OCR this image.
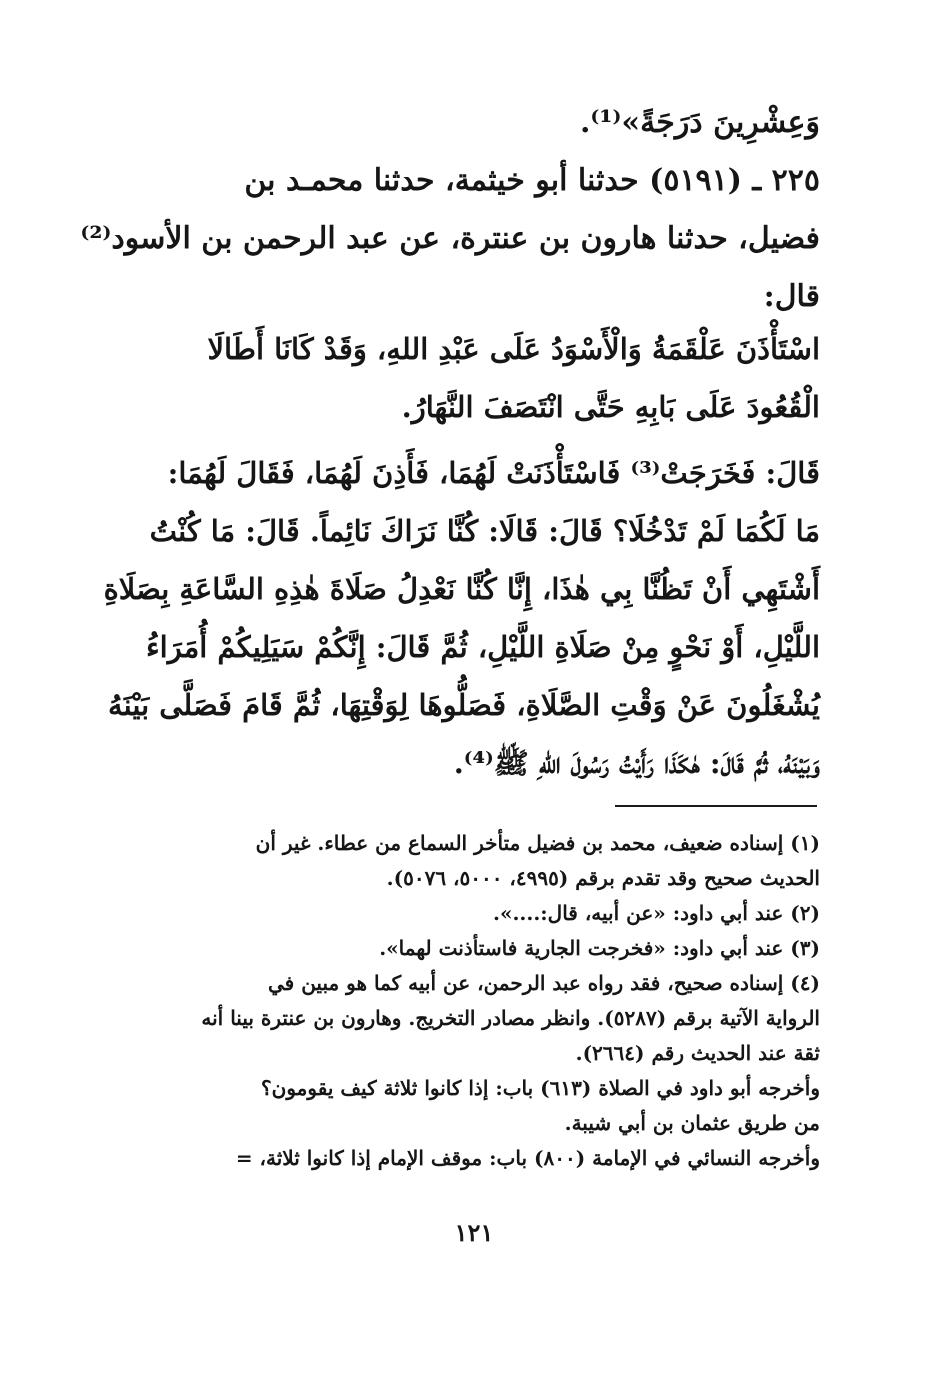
وَعِشْرِينَ دَرَجَةً»⁽¹⁾.
٢٢٥ ـ (٥١٩١) حدثنا أبو خيثمة، حدثنا محمـد بن
فضيل، حدثنا هارون بن عنترة، عن عبد الرحمن بن الأسود⁽²⁾
قال:
اسْتَأْذَنَ عَلْقَمَةُ وَالْأَسْوَدُ عَلَى عَبْدِ اللهِ، وَقَدْ كَانَا أَطَالَا
الْقُعُودَ عَلَى بَابِهِ حَتَّى انْتَصَفَ النَّهَارُ.
قَالَ: فَخَرَجَتْ⁽³⁾ فَاسْتَأْذَنَتْ لَهُمَا، فَأَذِنَ لَهُمَا، فَقَالَ لَهُمَا:
مَا لَكُمَا لَمْ تَدْخُلَا؟ قَالَ: قَالَا: كُنَّا نَرَاكَ نَائِماً. قَالَ: مَا كُنْتُ
أَشْتَهِي أَنْ تَظُنَّا بِي هٰذَا، إِنَّا كُنَّا نَعْدِلُ صَلَاةَ هٰذِهِ السَّاعَةِ بِصَلَاةِ
اللَّيْلِ، أَوْ نَحْوٍ مِنْ صَلَاةِ اللَّيْلِ، ثُمَّ قَالَ: إِنَّكُمْ سَيَلِيكُمْ أُمَرَاءُ
يُشْغَلُونَ عَنْ وَقْتِ الصَّلَاةِ، فَصَلُّوهَا لِوَقْتِهَا، ثُمَّ قَامَ فَصَلَّى بَيْنَهُ
وَبَيْنَهُ، ثُمَّ قَالَ: هٰكَذَا رَأَيْتُ رَسُولَ اللهِ ﷺ⁽⁴⁾.
(١) إسناده ضعيف، محمد بن فضيل متأخر السماع من عطاء. غير أن
الحديث صحيح وقد تقدم برقم (٤٩٩٥، ٥٠٠٠، ٥٠٧٦).
(٢) عند أبي داود: «عن أبيه، قال:....».
(٣) عند أبي داود: «فخرجت الجارية فاستأذنت لهما».
(٤) إسناده صحيح، فقد رواه عبد الرحمن، عن أبيه كما هو مبين في
الرواية الآتية برقم (٥٢٨٧). وانظر مصادر التخريج. وهارون بن عنترة بينا أنه
ثقة عند الحديث رقم (٢٦٦٤).
وأخرجه أبو داود في الصلاة (٦١٣) باب: إذا كانوا ثلاثة كيف يقومون؟
من طريق عثمان بن أبي شيبة.
وأخرجه النسائي في الإمامة (٨٠٠) باب: موقف الإمام إذا كانوا ثلاثة، =
١٢١
